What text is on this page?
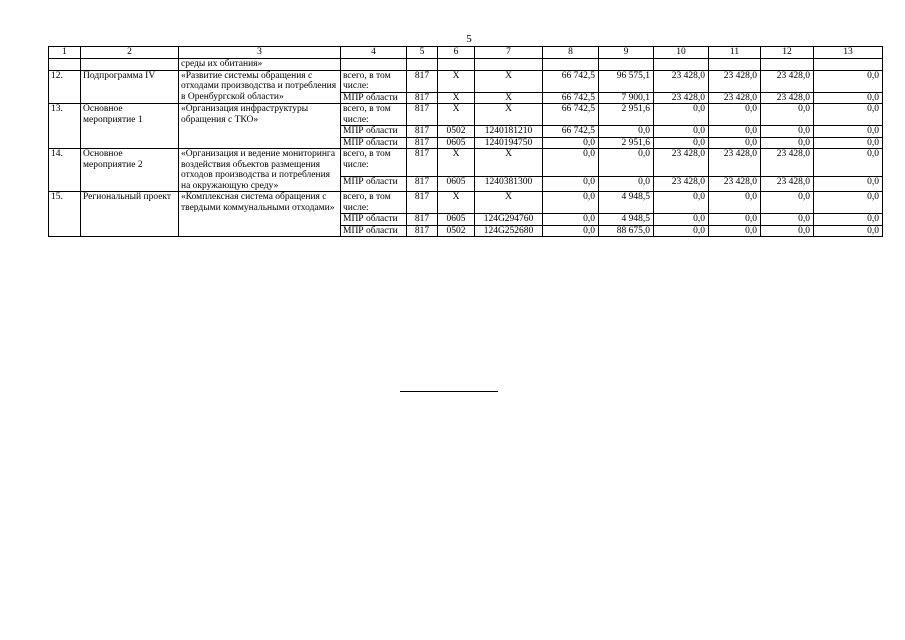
5
1	2	3	4	5	6	7	8	9	10	11	12	13
		среды их обитания»										
12.	Подпрограмма IV	«Развитие системы обращения с отходами производства и потребления в Оренбургской области»	всего, в том числе:	817	Х	Х	66 742,5	96 575,1	23 428,0	23 428,0	23 428,0	0,0
			МПР области	817	Х	Х	66 742,5	7 900,1	23 428,0	23 428,0	23 428,0	0,0
13.	Основное мероприятие 1	«Организация инфраструктуры обращения с ТКО»	всего, в том числе:	817	Х	Х	66 742,5	2 951,6	0,0	0,0	0,0	0,0
			МПР области	817	0502	1240181210	66 742,5	0,0	0,0	0,0	0,0	0,0
			МПР области	817	0605	1240194750	0,0	2 951,6	0,0	0,0	0,0	0,0
14.	Основное мероприятие 2	«Организация и ведение мониторинга воздействия объектов размещения отходов производства и потребления на окружающую среду»	всего, в том числе:	817	Х	Х	0,0	0,0	23 428,0	23 428,0	23 428,0	0,0
			МПР области	817	0605	1240381300	0,0	0,0	23 428,0	23 428,0	23 428,0	0,0
15.	Региональный проект	«Комплексная система обращения с твердыми коммунальными отходами»	всего, в том числе:	817	Х	Х	0,0	4 948,5	0,0	0,0	0,0	0,0
			МПР области	817	0605	124G294760	0,0	4 948,5	0,0	0,0	0,0	0,0
			МПР области	817	0502	124G252680	0,0	88 675,0	0,0	0,0	0,0	0,0
